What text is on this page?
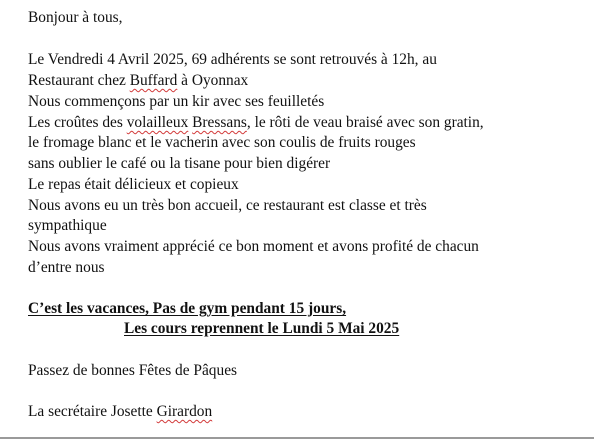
Bonjour à tous,
Le Vendredi 4 Avril 2025, 69 adhérents se sont retrouvés à 12h, au
Restaurant chez Buffard à Oyonnax
Nous commençons par un kir avec ses feuilletés
Les croûtes des volailleux Bressans, le rôti de veau braisé avec son gratin,
le fromage blanc et le vacherin avec son coulis de fruits rouges
sans oublier le café ou la tisane pour bien digérer
Le repas était délicieux et copieux
Nous avons eu un très bon accueil, ce restaurant est classe et très
sympathique
Nous avons vraiment apprécié ce bon moment et avons profité de chacun
d’entre nous
C’est les vacances, Pas de gym pendant 15 jours,
Les cours reprennent le Lundi 5 Mai 2025
Passez de bonnes Fêtes de Pâques
La secrétaire Josette Girardon
